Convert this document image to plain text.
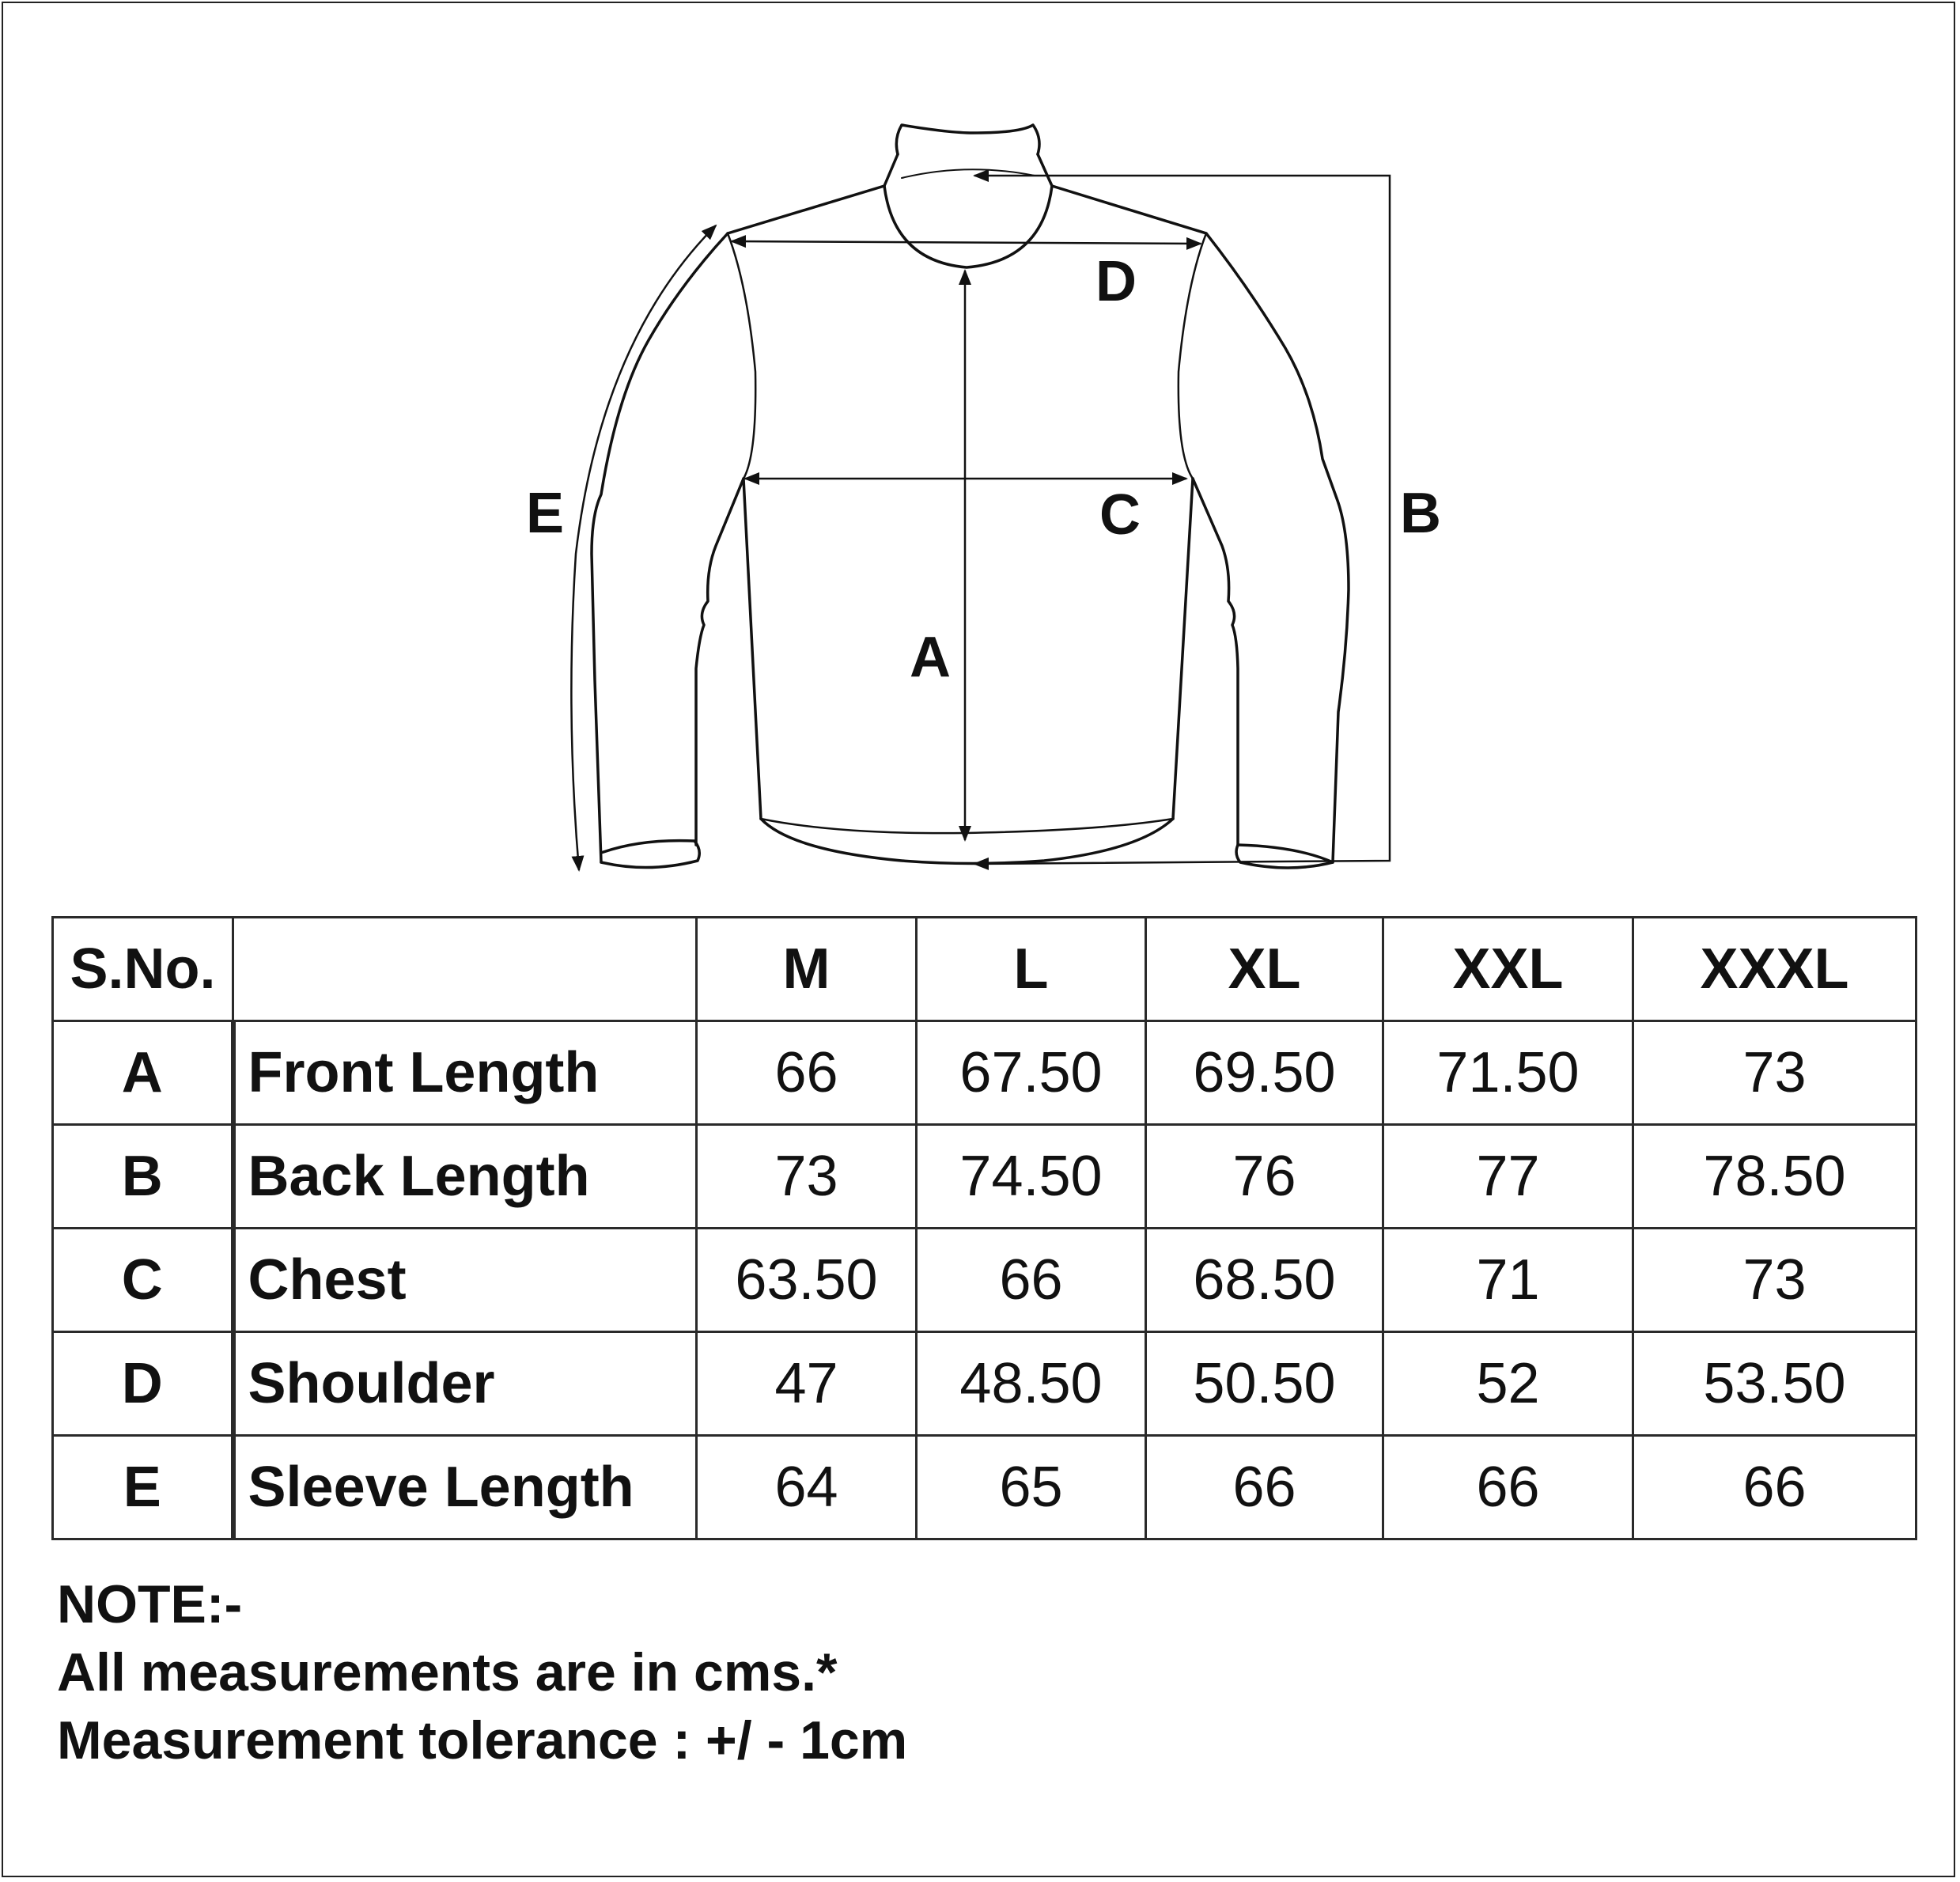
D
C
A
B
E
S.No.		M	L	XL	XXL	XXXL
A	Front Length	66	67.50	69.50	71.50	73
B	Back Length	73	74.50	76	77	78.50
C	Chest	63.50	66	68.50	71	73
D	Shoulder	47	48.50	50.50	52	53.50
E	Sleeve Length	64	65	66	66	66
NOTE:-
All measurements are in cms.*
Measurement tolerance : +/ - 1cm
